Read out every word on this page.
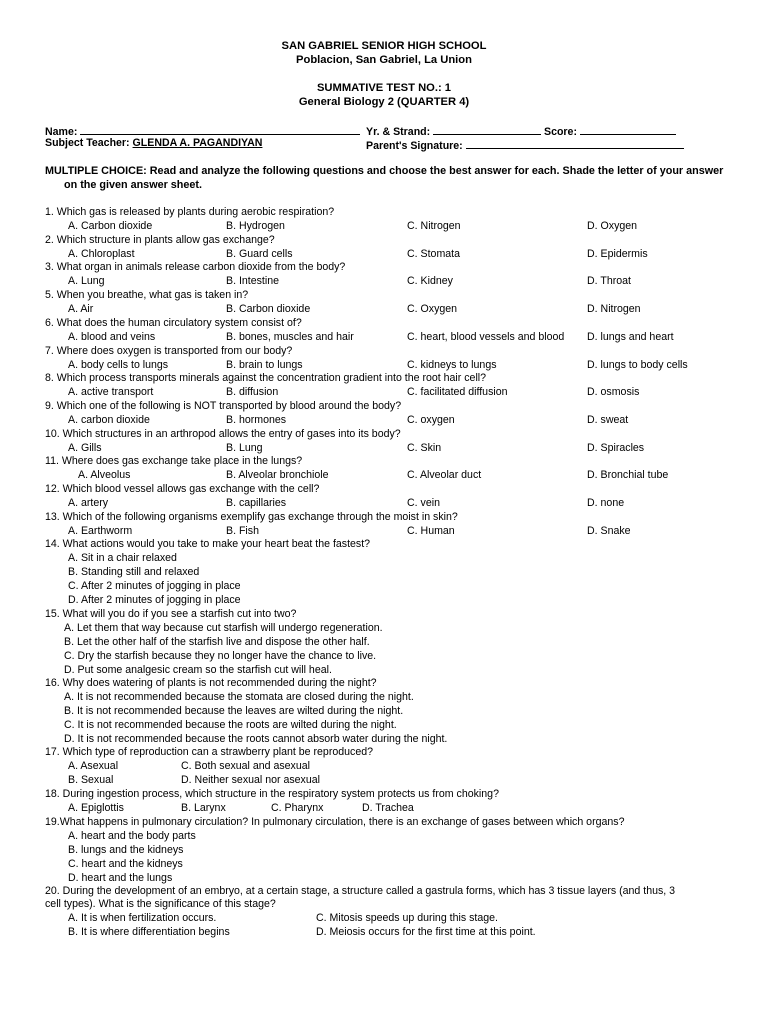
SAN GABRIEL SENIOR HIGH SCHOOL
Poblacion, San Gabriel, La Union
SUMMATIVE TEST NO.: 1
General Biology 2 (QUARTER 4)
Name:	Yr. & Strand:	Score:
Subject Teacher: GLENDA A. PAGANDIYAN	Parent's Signature:
MULTIPLE CHOICE: Read and analyze the following questions and choose the best answer for each. Shade the letter of your answer
on the given answer sheet.
1. Which gas is released by plants during aerobic respiration?
A. Carbon dioxide	B. Hydrogen	C. Nitrogen	D. Oxygen
2. Which structure in plants allow gas exchange?
A. Chloroplast	B. Guard cells	C. Stomata	D. Epidermis
3. What organ in animals release carbon dioxide from the body?
A. Lung	B. Intestine	C. Kidney	D. Throat
5. When you breathe, what gas is taken in?
A. Air	B. Carbon dioxide	C. Oxygen	D. Nitrogen
6. What does the human circulatory system consist of?
A. blood and veins	B. bones, muscles and hair	C. heart, blood vessels and blood D. lungs and heart
7. Where does oxygen is transported from our body?
A. body cells to lungs	B. brain to lungs	C. kidneys to lungs	D. lungs to body cells
8. Which process transports minerals against the concentration gradient into the root hair cell?
A. active transport	B. diffusion	C. facilitated diffusion	D. osmosis
9. Which one of the following is NOT transported by blood around the body?
A. carbon dioxide	B. hormones	C. oxygen	D. sweat
10. Which structures in an arthropod allows the entry of gases into its body?
A. Gills	B. Lung	C. Skin	D. Spiracles
11. Where does gas exchange take place in the lungs?
A. Alveolus	B. Alveolar bronchiole	C. Alveolar duct	D. Bronchial tube
12. Which blood vessel allows gas exchange with the cell?
A. artery	B. capillaries	C. vein	D. none
13. Which of the following organisms exemplify gas exchange through the moist in skin?
A. Earthworm	B. Fish	C. Human	D. Snake
14. What actions would you take to make your heart beat the fastest?
A. Sit in a chair relaxed
B. Standing still and relaxed
C. After 2 minutes of jogging in place
D. After 2 minutes of jogging in place
15. What will you do if you see a starfish cut into two?
A. Let them that way because cut starfish will undergo regeneration.
B. Let the other half of the starfish live and dispose the other half.
C. Dry the starfish because they no longer have the chance to live.
D. Put some analgesic cream so the starfish cut will heal.
16. Why does watering of plants is not recommended during the night?
A. It is not recommended because the stomata are closed during the night.
B. It is not recommended because the leaves are wilted during the night.
C. It is not recommended because the roots are wilted during the night.
D. It is not recommended because the roots cannot absorb water during the night.
17. Which type of reproduction can a strawberry plant be reproduced?
A. Asexual	C. Both sexual and asexual
B. Sexual	D. Neither sexual nor asexual
18. During ingestion process, which structure in the respiratory system protects us from choking?
A. Epiglottis	B. Larynx	C. Pharynx	D. Trachea
19.What happens in pulmonary circulation? In pulmonary circulation, there is an exchange of gases between which organs?
A. heart and the body parts
B. lungs and the kidneys
C. heart and the kidneys
D. heart and the lungs
20. During the development of an embryo, at a certain stage, a structure called a gastrula forms, which has 3 tissue layers (and thus, 3
cell types). What is the significance of this stage?
A. It is when fertilization occurs.	C. Mitosis speeds up during this stage.
B. It is where differentiation begins	D. Meiosis occurs for the first time at this point.
